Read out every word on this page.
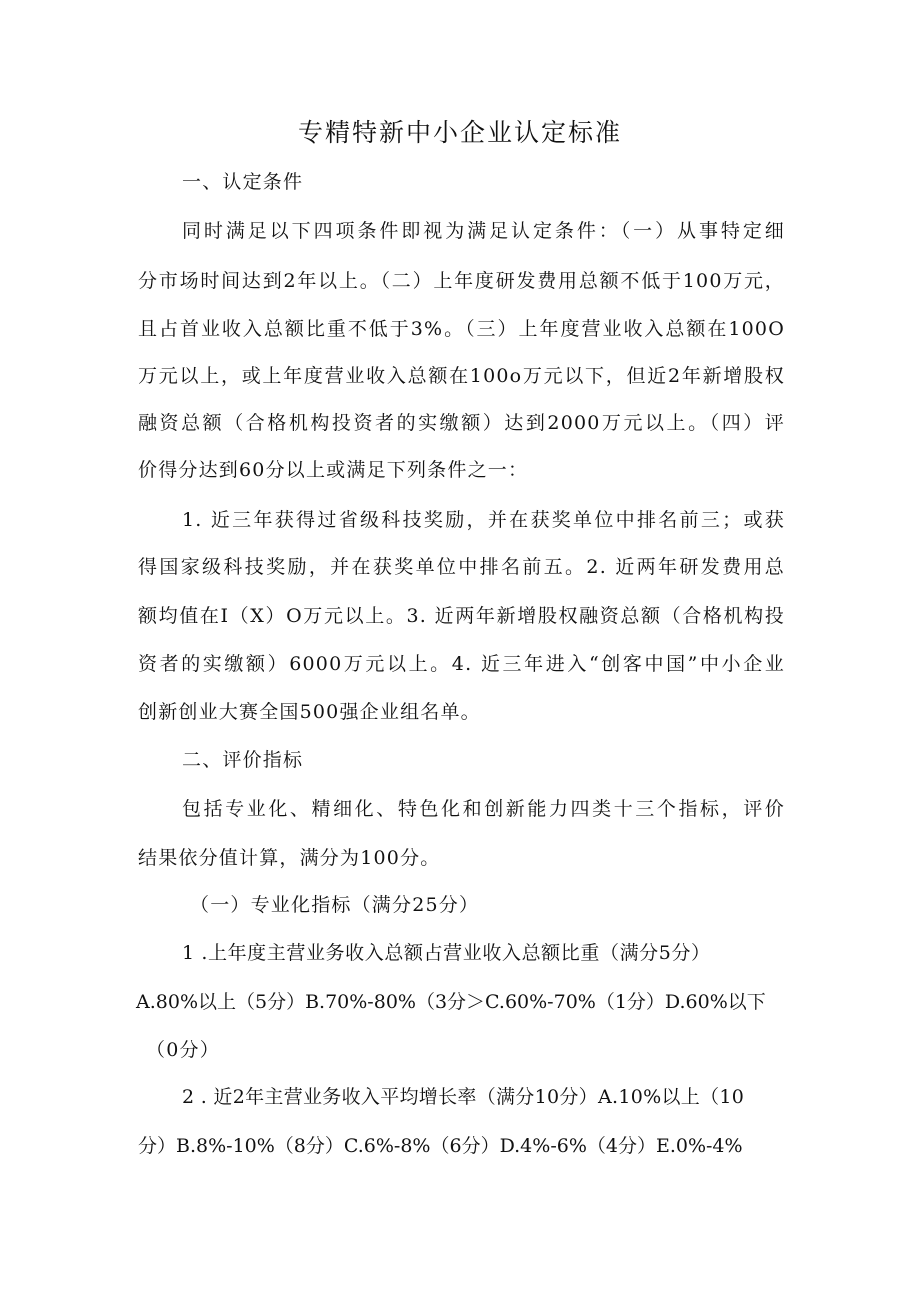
专精特新中小企业认定标准

一、认定条件

同时满足以下四项条件即视为满足认定条件：（一）从事特定细

分市场时间达到2年以上。（二）上年度研发费用总额不低于100万元，

且占首业收入总额比重不低于3%。（三）上年度营业收入总额在100O

万元以上，或上年度营业收入总额在100o万元以下，但近2年新增股权

融资总额（合格机构投资者的实缴额）达到2000万元以上。（四）评

价得分达到60分以上或满足下列条件之一：

1. 近三年获得过省级科技奖励，并在获奖单位中排名前三；或获

得国家级科技奖励，并在获奖单位中排名前五。2. 近两年研发费用总

额均值在I（X）O万元以上。3. 近两年新增股权融资总额（合格机构投

资者的实缴额）6000万元以上。4. 近三年进入“创客中国”中小企业

创新创业大赛全国500强企业组名单。

二、评价指标

包括专业化、精细化、特色化和创新能力四类十三个指标，评价

结果依分值计算，满分为100分。

（一）专业化指标（满分25分）

1 .上年度主营业务收入总额占营业收入总额比重（满分5分）

A.80%以上（5分）B.70%-80%（3分＞C.60%-70%（1分）D.60%以下

（0分）

2 . 近2年主营业务收入平均增长率（满分10分）A.10%以上（10

分）B.8%-10%（8分）C.6%-8%（6分）D.4%-6%（4分）E.0%-4%
